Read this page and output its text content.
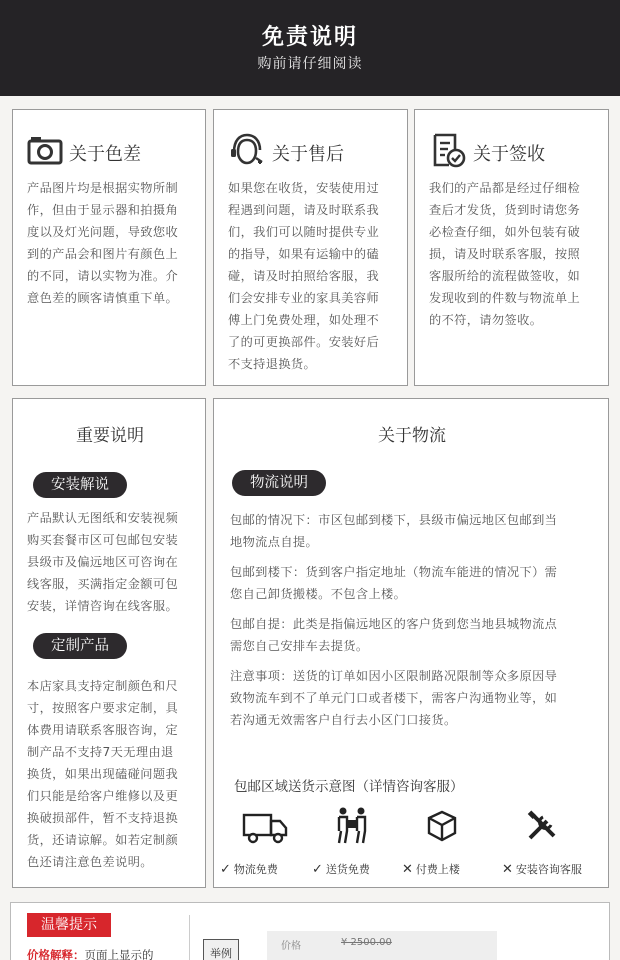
免责说明
购前请仔细阅读
关于色差
产品图片均是根据实物所制
作，但由于显示器和拍摄角
度以及灯光问题，导致您收
到的产品会和图片有颜色上
的不同，请以实物为准。介
意色差的顾客请慎重下单。
关于售后
如果您在收货，安装使用过
程遇到问题，请及时联系我
们，我们可以随时提供专业
的指导，如果有运输中的磕
碰，请及时拍照给客服，我
们会安排专业的家具美容师
傅上门免费处理，如处理不
了的可更换部件。安装好后
不支持退换货。
关于签收
我们的产品都是经过仔细检
查后才发货，货到时请您务
必检查仔细，如外包装有破
损，请及时联系客服，按照
客服所给的流程做签收，如
发现收到的件数与物流单上
的不符，请勿签收。
重要说明
安装解说
产品默认无图纸和安装视频
购买套餐市区可包邮包安装
县级市及偏远地区可咨询在
线客服，买满指定金额可包
安装，详情咨询在线客服。
定制产品
本店家具支持定制颜色和尺
寸，按照客户要求定制，具
体费用请联系客服咨询，定
制产品不支持7天无理由退
换货，如果出现磕碰问题我
们只能是给客户维修以及更
换破损部件，暂不支持退换
货，还请谅解。如若定制颜
色还请注意色差说明。
关于物流
物流说明
包邮的情况下：市区包邮到楼下，县级市偏远地区包邮到当
地物流点自提。
包邮到楼下：货到客户指定地址（物流车能进的情况下）需
您自己卸货搬楼。不包含上楼。
包邮自提：此类是指偏远地区的客户货到您当地县城物流点
需您自己安排车去提货。
注意事项：送货的订单如因小区限制路况限制等众多原因导
致物流车到不了单元门口或者楼下，需客户沟通物业等，如
若沟通无效需客户自行去小区门口接货。
包邮区域送货示意图（详情咨询客服）
✓ 物流免费	✓ 送货免费	✕ 付费上楼	✕ 安装咨询客服
温馨提示
价格解释：页面上显示的	举例
价格	¥ 2500.00
